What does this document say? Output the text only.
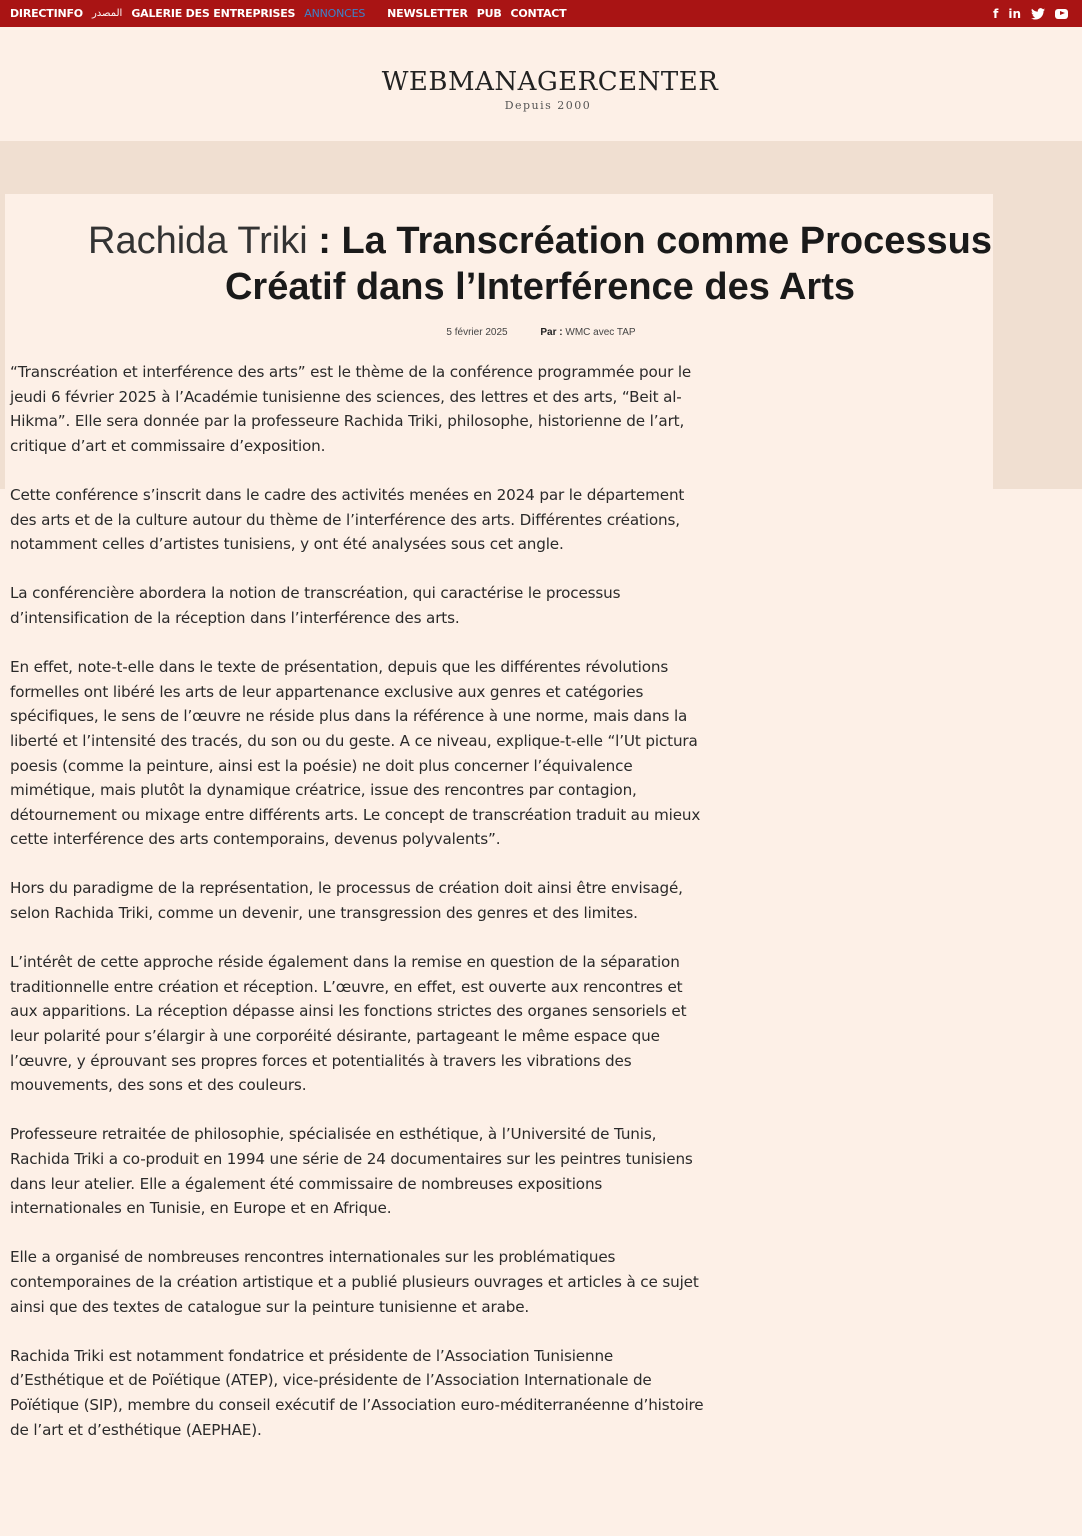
DIRECTINFO المصدر GALERIE DES ENTREPRISES ANNONCES NEWSLETTER PUB CONTACT	f in
WEBMANAGERCENTER
Depuis 2000
Rachida Triki : La Transcréation comme Processus Créatif dans l’Interférence des Arts
5 février 2025	Par : WMC avec TAP

“Transcréation et interférence des arts” est le thème de la conférence programmée pour le jeudi 6 février 2025 à l’Académie tunisienne des sciences, des lettres et des arts, “Beit al-Hikma”. Elle sera donnée par la professeure Rachida Triki, philosophe, historienne de l’art, critique d’art et commissaire d’exposition.

Cette conférence s’inscrit dans le cadre des activités menées en 2024 par le département des arts et de la culture autour du thème de l’interférence des arts. Différentes créations, notamment celles d’artistes tunisiens, y ont été analysées sous cet angle.

La conférencière abordera la notion de transcréation, qui caractérise le processus d’intensification de la réception dans l’interférence des arts.

En effet, note-t-elle dans le texte de présentation, depuis que les différentes révolutions formelles ont libéré les arts de leur appartenance exclusive aux genres et catégories spécifiques, le sens de l’œuvre ne réside plus dans la référence à une norme, mais dans la liberté et l’intensité des tracés, du son ou du geste. A ce niveau, explique-t-elle “l’Ut pictura poesis (comme la peinture, ainsi est la poésie) ne doit plus concerner l’équivalence mimétique, mais plutôt la dynamique créatrice, issue des rencontres par contagion, détournement ou mixage entre différents arts. Le concept de transcréation traduit au mieux cette interférence des arts contemporains, devenus polyvalents”.

Hors du paradigme de la représentation, le processus de création doit ainsi être envisagé, selon Rachida Triki, comme un devenir, une transgression des genres et des limites.

L’intérêt de cette approche réside également dans la remise en question de la séparation traditionnelle entre création et réception. L’œuvre, en effet, est ouverte aux rencontres et aux apparitions. La réception dépasse ainsi les fonctions strictes des organes sensoriels et leur polarité pour s’élargir à une corporéité désirante, partageant le même espace que l’œuvre, y éprouvant ses propres forces et potentialités à travers les vibrations des mouvements, des sons et des couleurs.

Professeure retraitée de philosophie, spécialisée en esthétique, à l’Université de Tunis, Rachida Triki a co-produit en 1994 une série de 24 documentaires sur les peintres tunisiens dans leur atelier. Elle a également été commissaire de nombreuses expositions internationales en Tunisie, en Europe et en Afrique.

Elle a organisé de nombreuses rencontres internationales sur les problématiques contemporaines de la création artistique et a publié plusieurs ouvrages et articles à ce sujet ainsi que des textes de catalogue sur la peinture tunisienne et arabe.

Rachida Triki est notamment fondatrice et présidente de l’Association Tunisienne d’Esthétique et de Poïétique (ATEP), vice-présidente de l’Association Internationale de Poïétique (SIP), membre du conseil exécutif de l’Association euro-méditerranéenne d’histoire de l’art et d’esthétique (AEPHAE).
